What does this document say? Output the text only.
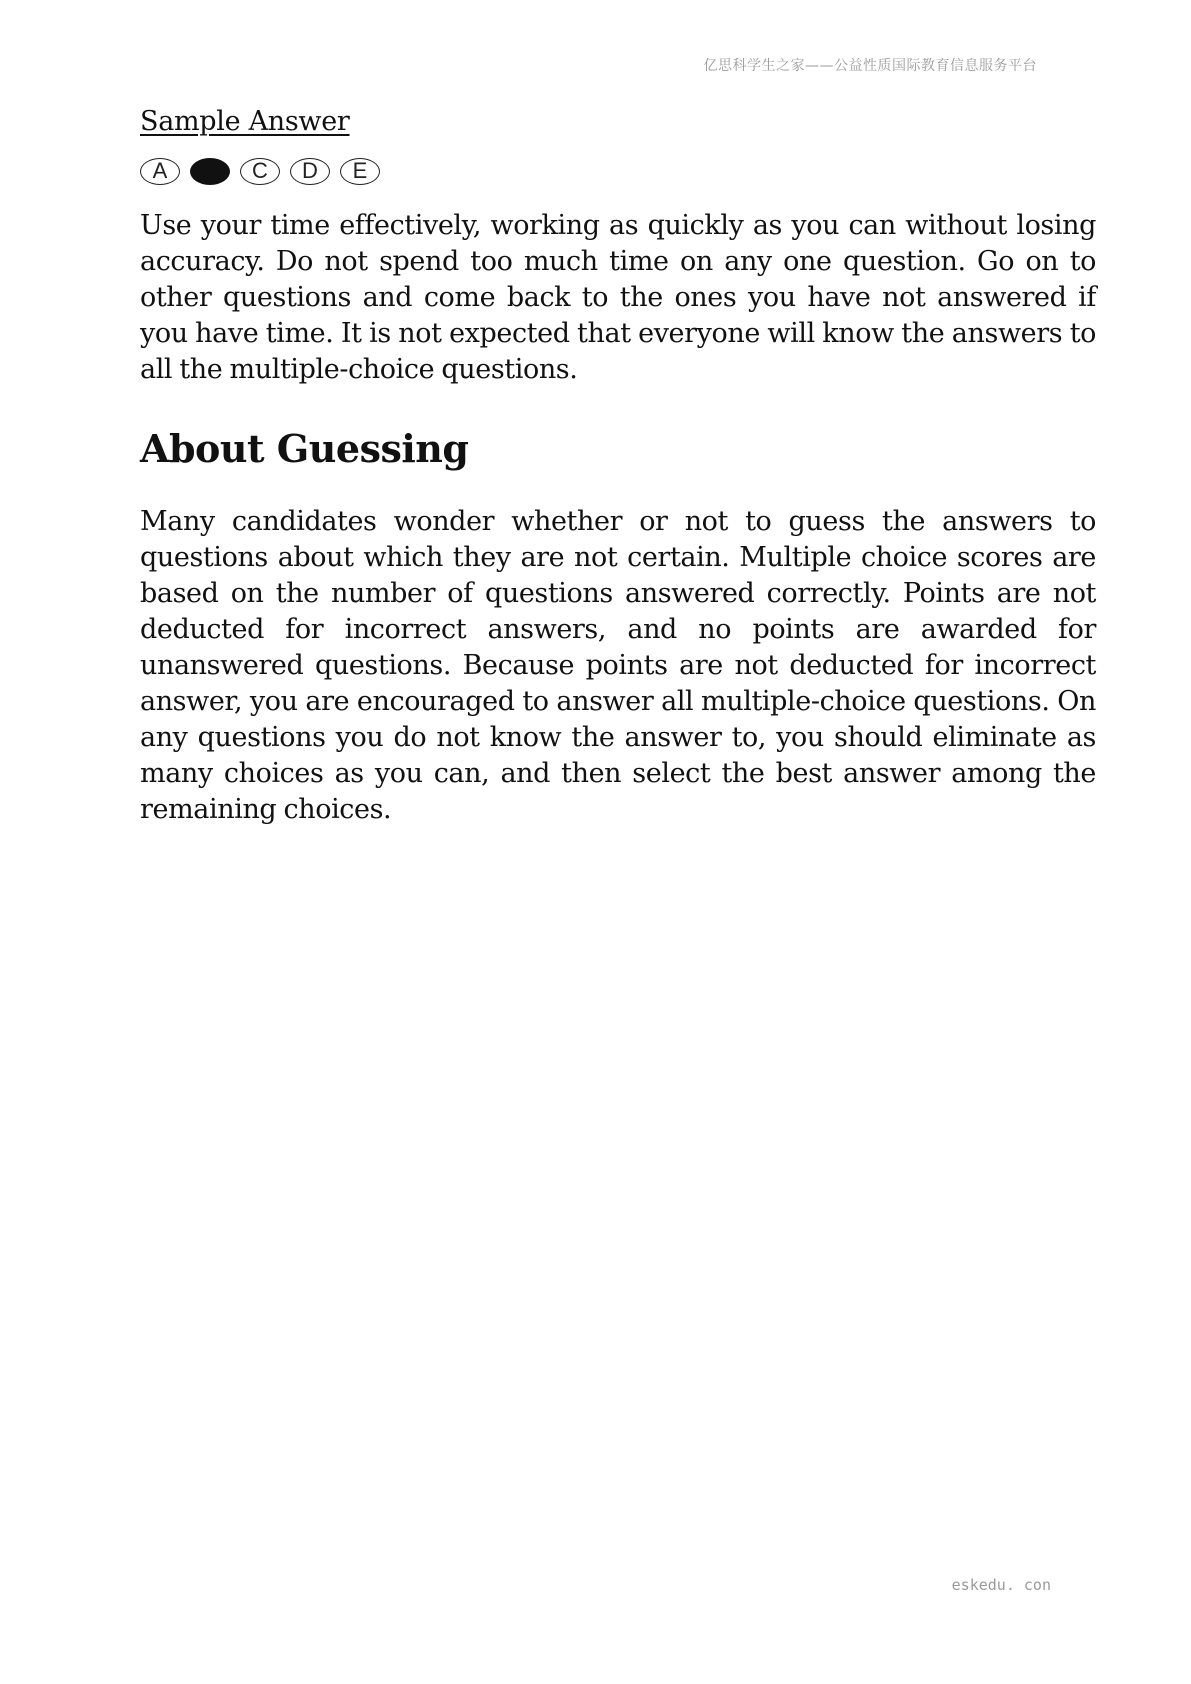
亿思科学生之家——公益性质国际教育信息服务平台

Sample Answer

A	C	D	E

Use your time effectively, working as quickly as you can without losing accuracy. Do not spend too much time on any one question. Go on to other questions and come back to the ones you have not answered if you have time. It is not expected that everyone will know the answers to all the multiple-choice questions.

About Guessing

Many candidates wonder whether or not to guess the answers to questions about which they are not certain. Multiple choice scores are based on the number of questions answered correctly. Points are not deducted for incorrect answers, and no points are awarded for unanswered questions. Because points are not deducted for incorrect answer, you are encouraged to answer all multiple-choice questions. On any questions you do not know the answer to, you should eliminate as many choices as you can, and then select the best answer among the remaining choices.

eskedu. con
